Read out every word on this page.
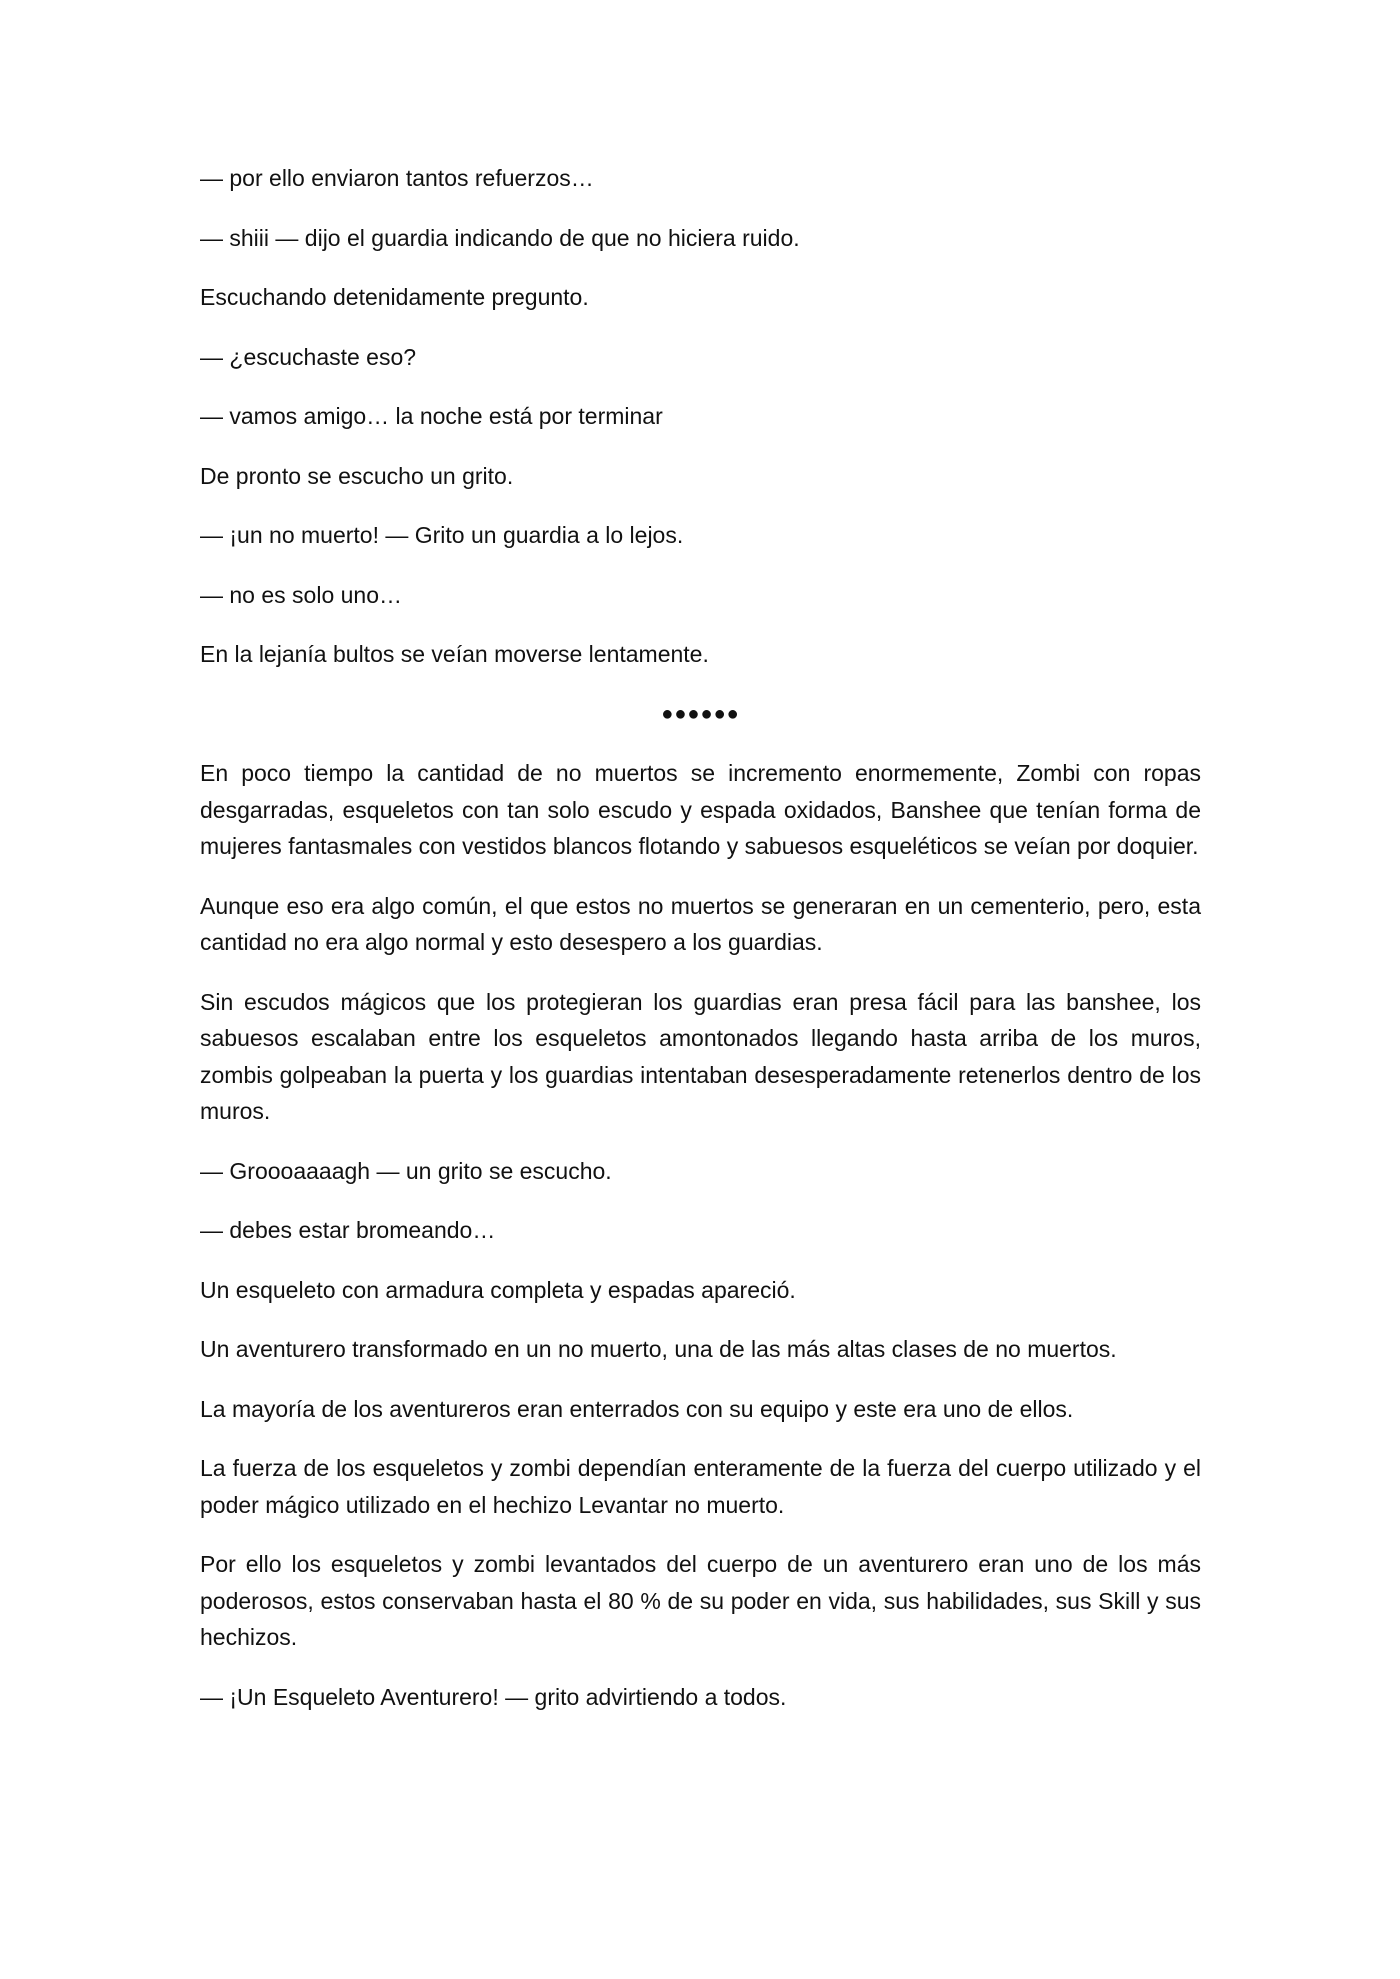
— por ello enviaron tantos refuerzos…

— shiii — dijo el guardia indicando de que no hiciera ruido.

Escuchando detenidamente pregunto.

— ¿escuchaste eso?

— vamos amigo… la noche está por terminar

De pronto se escucho un grito.

— ¡un no muerto! — Grito un guardia a lo lejos.

— no es solo uno…

En la lejanía bultos se veían moverse lentamente.

●●●●●●

En poco tiempo la cantidad de no muertos se incremento enormemente, Zombi con ropas desgarradas, esqueletos con tan solo escudo y espada oxidados, Banshee que tenían forma de mujeres fantasmales con vestidos blancos flotando y sabuesos esqueléticos se veían por doquier.

Aunque eso era algo común, el que estos no muertos se generaran en un cementerio, pero, esta cantidad no era algo normal y esto desespero a los guardias.

Sin escudos mágicos que los protegieran los guardias eran presa fácil para las banshee, los sabuesos escalaban entre los esqueletos amontonados llegando hasta arriba de los muros, zombis golpeaban la puerta y los guardias intentaban desesperadamente retenerlos dentro de los muros.

— Groooaaaagh — un grito se escucho.

— debes estar bromeando…

Un esqueleto con armadura completa y espadas apareció.

Un aventurero transformado en un no muerto, una de las más altas clases de no muertos.

La mayoría de los aventureros eran enterrados con su equipo y este era uno de ellos.

La fuerza de los esqueletos y zombi dependían enteramente de la fuerza del cuerpo utilizado y el poder mágico utilizado en el hechizo Levantar no muerto.

Por ello los esqueletos y zombi levantados del cuerpo de un aventurero eran uno de los más poderosos, estos conservaban hasta el 80 % de su poder en vida, sus habilidades, sus Skill y sus hechizos.

— ¡Un Esqueleto Aventurero! — grito advirtiendo a todos.
